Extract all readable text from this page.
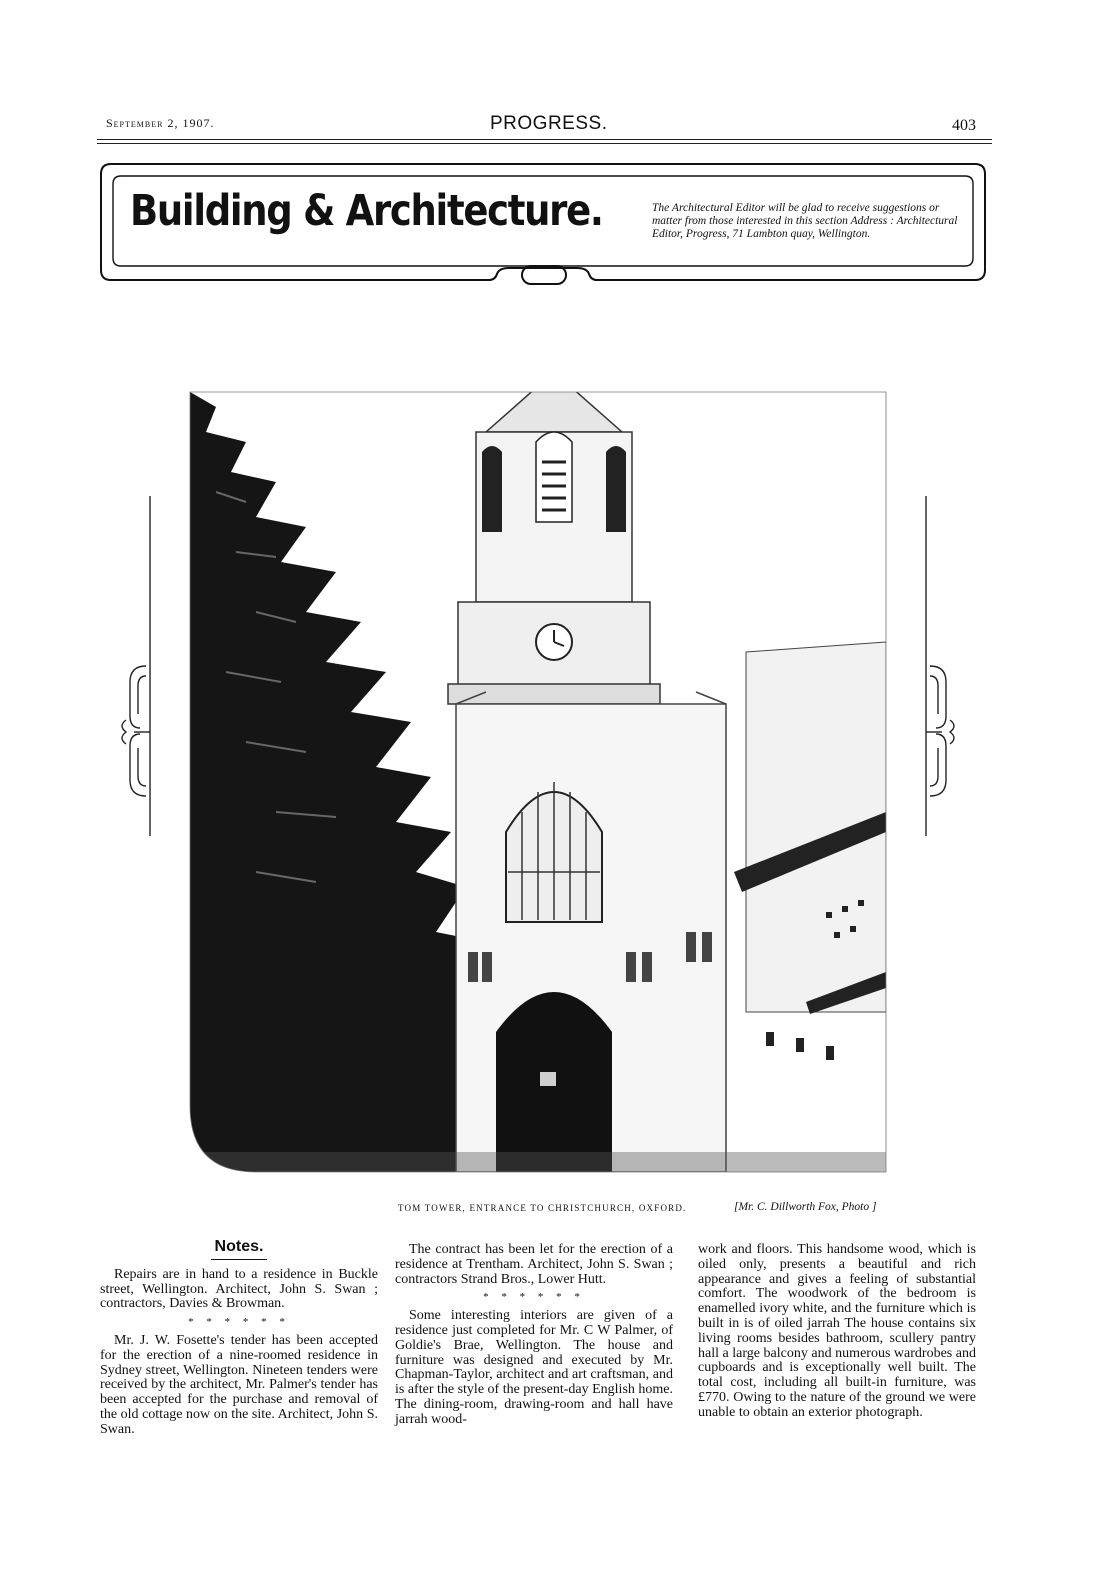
September 2, 1907.	PROGRESS.	403
Building & Architecture.	The Architectural Editor will be glad to receive suggestions or matter from those interested in this section Address : Architectural Editor, Progress, 71 Lambton quay, Wellington.
TOM TOWER, ENTRANCE TO CHRISTCHURCH, OXFORD.	[Mr. C. Dillworth Fox, Photo ]
Notes.

Repairs are in hand to a residence in Buckle street, Wellington. Architect, John S. Swan ; contractors, Davies & Browman.

* * * * * *

Mr. J. W. Fosette's tender has been accepted for the erection of a nine-roomed residence in Sydney street, Wellington. Nineteen tenders were received by the architect, Mr. Palmer's tender has been accepted for the purchase and removal of the old cottage now on the site. Architect, John S. Swan.

The contract has been let for the erection of a residence at Trentham. Architect, John S. Swan ; contractors Strand Bros., Lower Hutt.

* * * * * *

Some interesting interiors are given of a residence just completed for Mr. C W Palmer, of Goldie's Brae, Wellington. The house and furniture was designed and executed by Mr. Chapman-Taylor, architect and art craftsman, and is after the style of the present-day English home. The dining-room, drawing-room and hall have jarrah wood-

work and floors. This handsome wood, which is oiled only, presents a beautiful and rich appearance and gives a feeling of substantial comfort. The woodwork of the bedroom is enamelled ivory white, and the furniture which is built in is of oiled jarrah The house contains six living rooms besides bathroom, scullery pantry hall a large balcony and numerous wardrobes and cupboards and is exceptionally well built. The total cost, including all built-in furniture, was £770. Owing to the nature of the ground we were unable to obtain an exterior photograph.
